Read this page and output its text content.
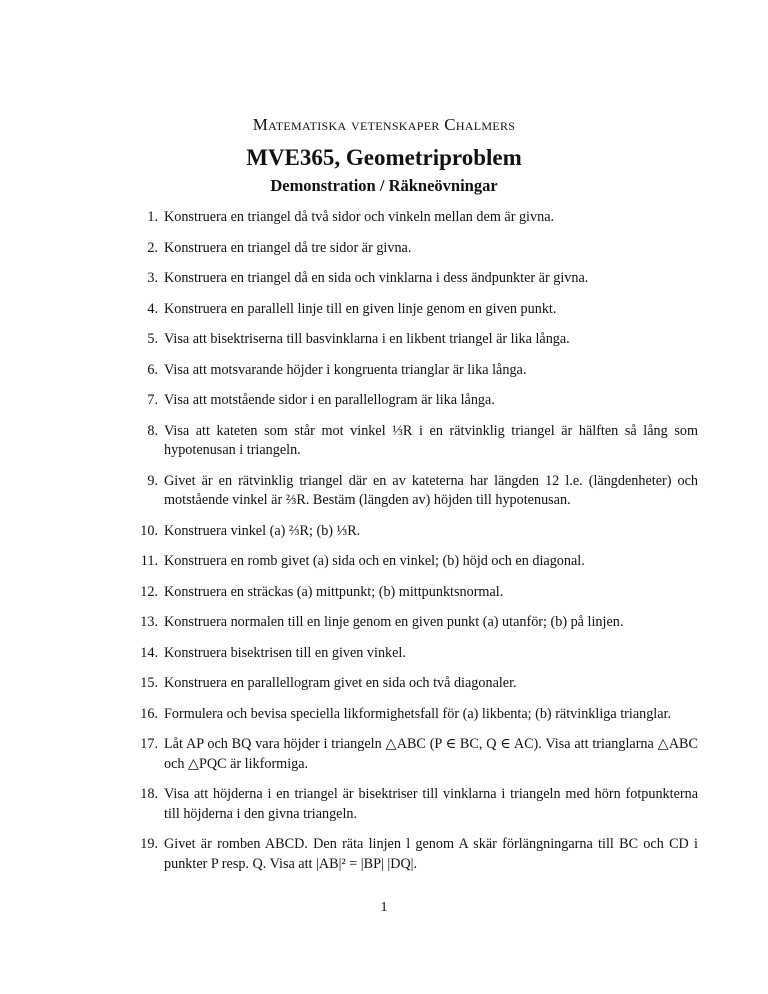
Matematiska vetenskaper Chalmers
MVE365, Geometriproblem
Demonstration / Räkneövningar
1. Konstruera en triangel då två sidor och vinkeln mellan dem är givna.
2. Konstruera en triangel då tre sidor är givna.
3. Konstruera en triangel då en sida och vinklarna i dess ändpunkter är givna.
4. Konstruera en parallell linje till en given linje genom en given punkt.
5. Visa att bisektriserna till basvinklarna i en likbent triangel är lika långa.
6. Visa att motsvarande höjder i kongruenta trianglar är lika långa.
7. Visa att motstående sidor i en parallellogram är lika långa.
8. Visa att kateten som står mot vinkel ⅓R i en rätvinklig triangel är hälften så lång som hypotenusan i triangeln.
9. Givet är en rätvinklig triangel där en av kateterna har längden 12 l.e. (längdenheter) och motstående vinkel är ⅔R. Bestäm (längden av) höjden till hypotenusan.
10. Konstruera vinkel (a) ⅔R; (b) ⅓R.
11. Konstruera en romb givet (a) sida och en vinkel; (b) höjd och en diagonal.
12. Konstruera en sträckas (a) mittpunkt; (b) mittpunktsnormal.
13. Konstruera normalen till en linje genom en given punkt (a) utanför; (b) på linjen.
14. Konstruera bisektrisen till en given vinkel.
15. Konstruera en parallellogram givet en sida och två diagonaler.
16. Formulera och bevisa speciella likformighetsfall för (a) likbenta; (b) rätvinkliga trianglar.
17. Låt AP och BQ vara höjder i triangeln △ABC (P ∈ BC, Q ∈ AC). Visa att trianglarna △ABC och △PQC är likformiga.
18. Visa att höjderna i en triangel är bisektriser till vinklarna i triangeln med hörn fotpunkterna till höjderna i den givna triangeln.
19. Givet är romben ABCD. Den räta linjen l genom A skär förlängningarna till BC och CD i punkter P resp. Q. Visa att |AB|² = |BP| |DQ|.
1
